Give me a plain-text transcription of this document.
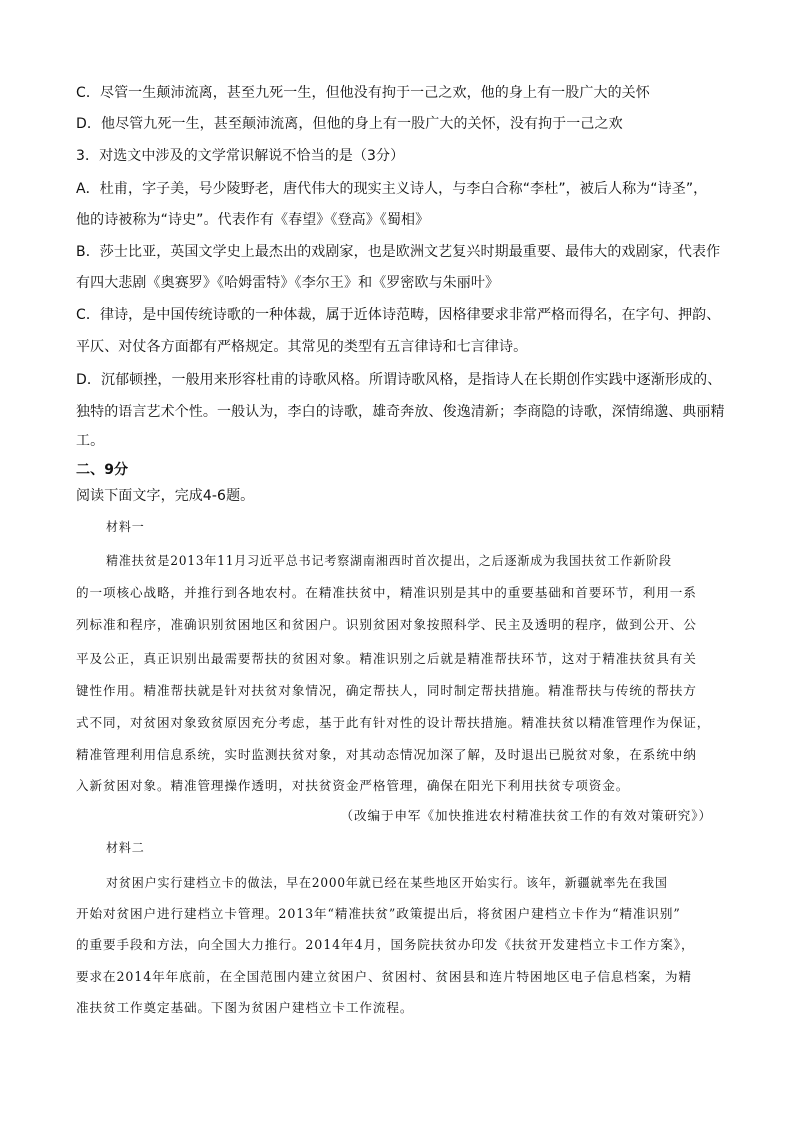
C．尽管一生颠沛流离，甚至九死一生，但他没有拘于一己之欢，他的身上有一股广大的关怀
D．他尽管九死一生，甚至颠沛流离，但他的身上有一股广大的关怀，没有拘于一己之欢
3．对选文中涉及的文学常识解说不恰当的是（3分）
A．杜甫，字子美，号少陵野老，唐代伟大的现实主义诗人，与李白合称“李杜”，被后人称为“诗圣”，
他的诗被称为“诗史”。代表作有《春望》《登高》《蜀相》
B．莎士比亚，英国文学史上最杰出的戏剧家，也是欧洲文艺复兴时期最重要、最伟大的戏剧家，代表作
有四大悲剧《奥赛罗》《哈姆雷特》《李尔王》和《罗密欧与朱丽叶》
C．律诗，是中国传统诗歌的一种体裁，属于近体诗范畴，因格律要求非常严格而得名，在字句、押韵、
平仄、对仗各方面都有严格规定。其常见的类型有五言律诗和七言律诗。
D．沉郁顿挫，一般用来形容杜甫的诗歌风格。所谓诗歌风格，是指诗人在长期创作实践中逐渐形成的、
独特的语言艺术个性。一般认为，李白的诗歌，雄奇奔放、俊逸清新；李商隐的诗歌，深情绵邈、典丽精
工。
二、9分
阅读下面文字，完成4-6题。
材料一
精准扶贫是2013年11月习近平总书记考察湖南湘西时首次提出，之后逐渐成为我国扶贫工作新阶段
的一项核心战略，并推行到各地农村。在精准扶贫中，精准识别是其中的重要基础和首要环节，利用一系
列标准和程序，准确识别贫困地区和贫困户。识别贫困对象按照科学、民主及透明的程序，做到公开、公
平及公正，真正识别出最需要帮扶的贫困对象。精准识别之后就是精准帮扶环节，这对于精准扶贫具有关
键性作用。精准帮扶就是针对扶贫对象情况，确定帮扶人，同时制定帮扶措施。精准帮扶与传统的帮扶方
式不同，对贫困对象致贫原因充分考虑，基于此有针对性的设计帮扶措施。精准扶贫以精准管理作为保证，
精准管理利用信息系统，实时监测扶贫对象，对其动态情况加深了解，及时退出已脱贫对象，在系统中纳
入新贫困对象。精准管理操作透明，对扶贫资金严格管理，确保在阳光下利用扶贫专项资金。
（改编于申军《加快推进农村精准扶贫工作的有效对策研究》）
材料二
对贫困户实行建档立卡的做法，早在2000年就已经在某些地区开始实行。该年，新疆就率先在我国
开始对贫困户进行建档立卡管理。2013年“精准扶贫”政策提出后，将贫困户建档立卡作为“精准识别”
的重要手段和方法，向全国大力推行。2014年4月，国务院扶贫办印发《扶贫开发建档立卡工作方案》，
要求在2014年年底前，在全国范围内建立贫困户、贫困村、贫困县和连片特困地区电子信息档案，为精
准扶贫工作奠定基础。下图为贫困户建档立卡工作流程。
